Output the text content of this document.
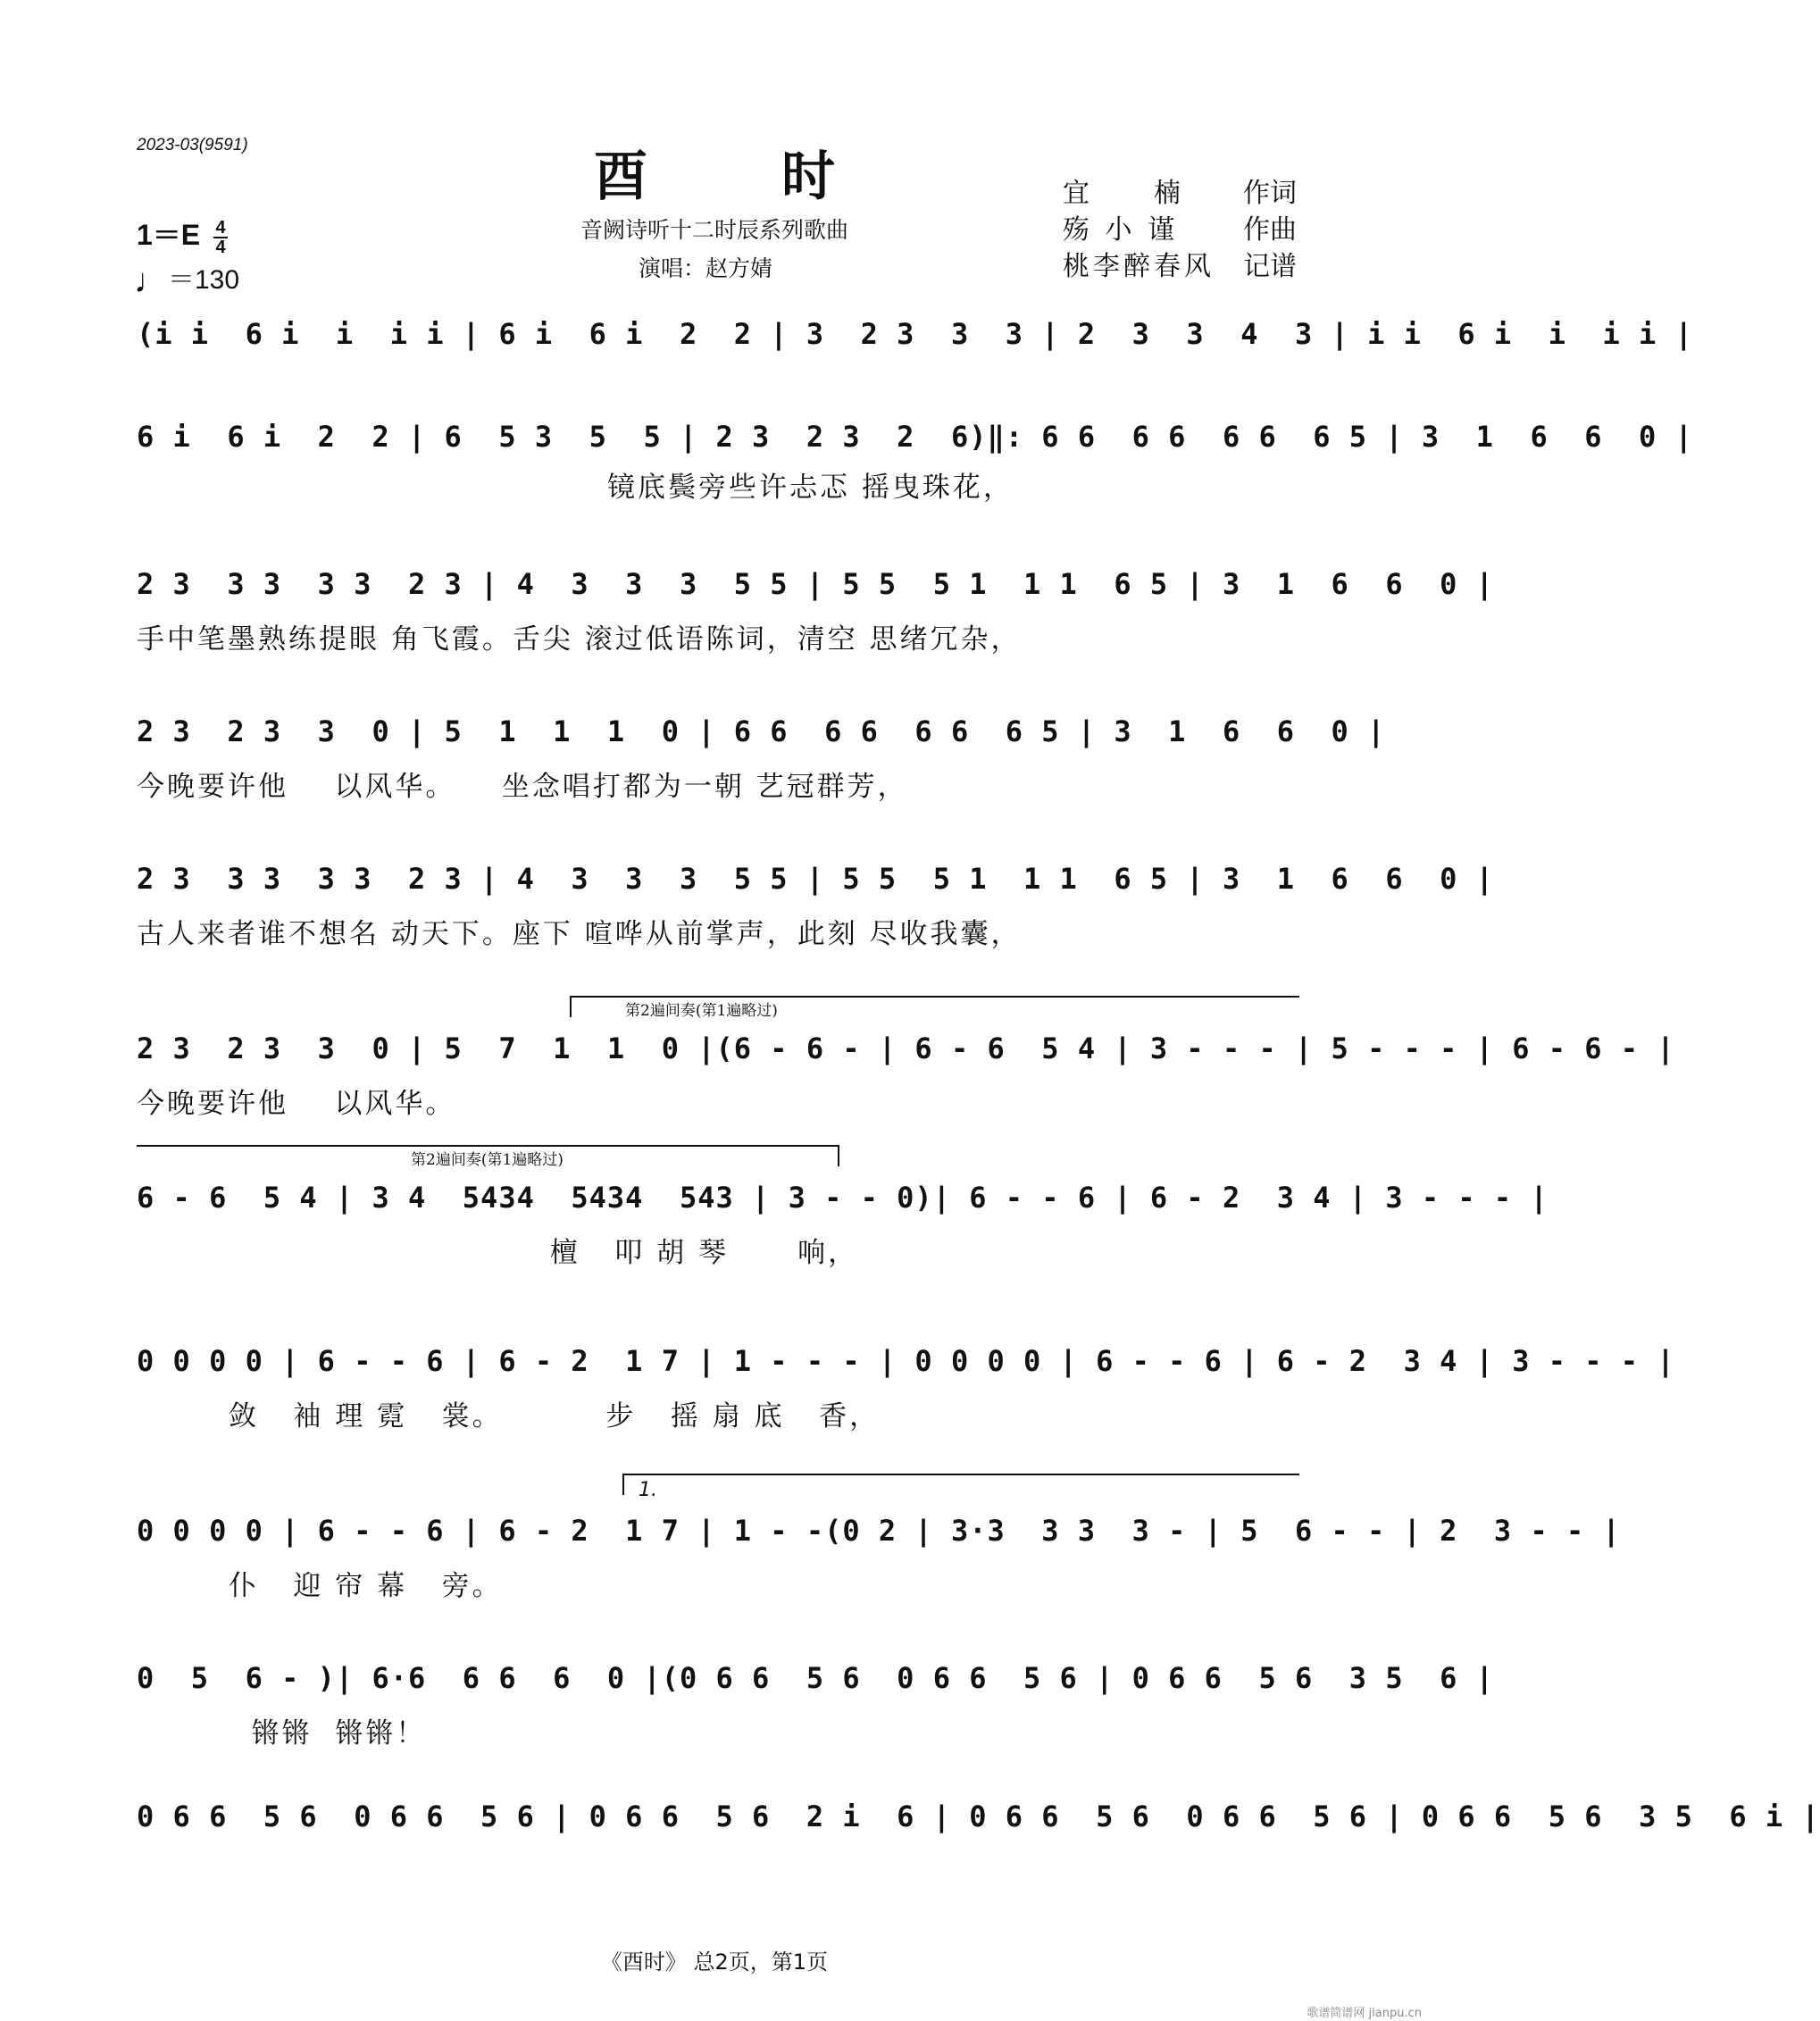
2023-03(9591)
酉时
音阙诗听十二时辰系列歌曲
演唱：赵方婧
宜　　楠 作词
殇 小 谨 作曲
桃李醉春风 记谱
$1=E \frac{4}{4}$
♩＝130
(i i  6 i  i  i i | 6 i  6 i  2  2 | 3  2 3  3  3 | 2  3  3  4  3 | i i  6 i  i  i i |
6 i  6 i  2  2 | 6  5 3  5  5 | 2 3  2 3  2  6)‖: 6 6  6 6  6 6  6 5 | 3  1  6  6  0 |
镜底鬓旁些许忐忑 摇曳珠花，
2 3  3 3  3 3  2 3 | 4  3  3  3  5 5 | 5 5  5 1  1 1  6 5 | 3  1  6  6  0 |
手中笔墨熟练提眼 角飞霞。舌尖 滚过低语陈词，清空 思绪冗杂，
2 3  2 3  3  0 | 5  1  1  1  0 | 6 6  6 6  6 6  6 5 | 3  1  6  6  0 |
今晚要许他    以风华。    坐念唱打都为一朝 艺冠群芳，
2 3  3 3  3 3  2 3 | 4  3  3  3  5 5 | 5 5  5 1  1 1  6 5 | 3  1  6  6  0 |
古人来者谁不想名 动天下。座下 喧哗从前掌声，此刻 尽收我囊，
第2遍间奏(第1遍略过)
2 3  2 3  3  0 | 5  7  1  1  0 |(6 - 6 - | 6 - 6  5 4 | 3 - - - | 5 - - - | 6 - 6 - |
今晚要许他    以风华。
第2遍间奏(第1遍略过)
6 - 6  5 4 | 3 4  5434  5434  543 | 3 - - 0)| 6 - - 6 | 6 - 2  3 4 | 3 - - - |
檀   叩 胡 琴      响，
0 0 0 0 | 6 - - 6 | 6 - 2  1 7 | 1 - - - | 0 0 0 0 | 6 - - 6 | 6 - 2  3 4 | 3 - - - |
敛   袖 理 霓   裳。         步   摇 扇 底   香，
1.
0 0 0 0 | 6 - - 6 | 6 - 2  1 7 | 1 - -(0 2 | 3·3  3 3  3 - | 5  6 - - | 2  3 - - |
仆   迎 帘 幕   旁。
0  5  6 - )| 6·6  6 6  6  0 |(0 6 6  5 6  0 6 6  5 6 | 0 6 6  5 6  3 5  6 |
锵锵  锵锵！
0 6 6  5 6  0 6 6  5 6 | 0 6 6  5 6  2 i  6 | 0 6 6  5 6  0 6 6  5 6 | 0 6 6  5 6  3 5  6 i |
《酉时》 总2页，第1页
歌谱简谱网 jianpu.cn
